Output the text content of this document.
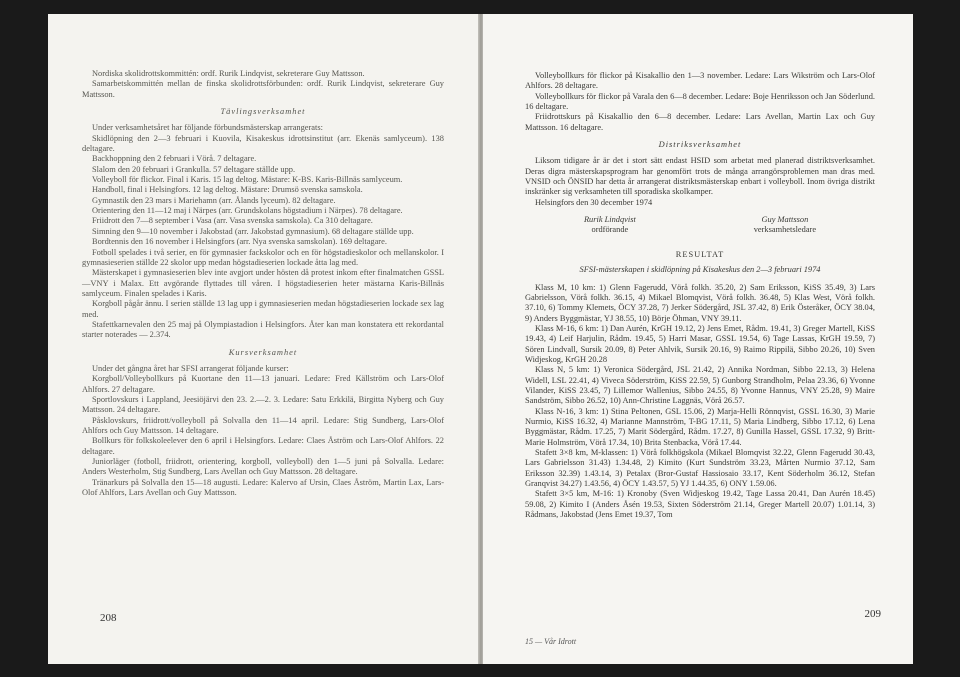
Nordiska skolidrottskommittén: ordf. Rurik Lindqvist, sekreterare Guy Mattsson.

Samarbetskommittén mellan de finska skolidrottsförbunden: ordf. Rurik Lindqvist, sekreterare Guy Mattsson.

Tävlingsverksamhet

Under verksamhetsåret har följande förbundsmästerskap arrangerats:

Skidlöpning den 2—3 februari i Kuovila, Kisakeskus idrottsinstitut (arr. Ekenäs samlyceum). 138 deltagare.

Backhoppning den 2 februari i Vörå. 7 deltagare.

Slalom den 20 februari i Grankulla. 57 deltagare ställde upp.

Volleyboll för flickor. Final i Karis. 15 lag deltog. Mästare: K-BS. Karis-Billnäs samlyceum.

Handboll, final i Helsingfors. 12 lag deltog. Mästare: Drumsö svenska samskola.

Gymnastik den 23 mars i Mariehamn (arr. Ålands lyceum). 82 deltagare.

Orientering den 11—12 maj i Närpes (arr. Grundskolans högstadium i Närpes). 78 deltagare.

Friidrott den 7—8 september i Vasa (arr. Vasa svenska samskola). Ca 310 deltagare.

Simning den 9—10 november i Jakobstad (arr. Jakobstad gymnasium). 68 deltagare ställde upp.

Bordtennis den 16 november i Helsingfors (arr. Nya svenska samskolan). 169 deltagare.

Fotboll spelades i två serier, en för gymnasier fackskolor och en för högstadieskolor och mellanskolor. I gymnasieserien ställde 22 skolor upp medan högstadieserien lockade åtta lag med.

Mästerskapet i gymnasieserien blev inte avgjort under hösten då protest inkom efter finalmatchen GSSL—VNY i Malax. Ett avgörande flyttades till våren. I högstadieserien heter mästarna Karis-Billnäs samlyceum. Finalen spelades i Karis.

Korgboll pågår ännu. I serien ställde 13 lag upp i gymnasieserien medan högstadieserien lockade sex lag med.

Stafettkarnevalen den 25 maj på Olympiastadion i Helsingfors. Åter kan man konstatera ett rekordantal starter noterades — 2.374.

Kursverksamhet

Under det gångna året har SFSI arrangerat följande kurser:

Korgboll/Volleybollkurs på Kuortane den 11—13 januari. Ledare: Fred Källström och Lars-Olof Ahlfors. 27 deltagare.

Sportlovskurs i Lappland, Jeesiöjärvi den 23. 2.—2. 3. Ledare: Satu Erkkilä, Birgitta Nyberg och Guy Mattsson. 24 deltagare.

Påsklovskurs, friidrott/volleyboll på Solvalla den 11—14 april. Ledare: Stig Sundberg, Lars-Olof Ahlfors och Guy Mattsson. 14 deltagare.

Bollkurs för folkskoleelever den 6 april i Helsingfors. Ledare: Claes Åström och Lars-Olof Ahlfors. 22 deltagare.

Juniorläger (fotboll, friidrott, orientering, korgboll, volleyboll) den 1—5 juni på Solvalla. Ledare: Anders Westerholm, Stig Sundberg, Lars Avellan och Guy Mattsson. 28 deltagare.

Tränarkurs på Solvalla den 15—18 augusti. Ledare: Kalervo af Ursin, Claes Åström, Martin Lax, Lars-Olof Ahlfors, Lars Avellan och Guy Mattsson.

208

Volleybollkurs för flickor på Kisakallio den 1—3 november. Ledare: Lars Wikström och Lars-Olof Ahlfors. 28 deltagare.

Volleybollkurs för flickor på Varala den 6—8 december. Ledare: Boje Henriksson och Jan Söderlund. 16 deltagare.

Friidrottskurs på Kisakallio den 6—8 december. Ledare: Lars Avellan, Martin Lax och Guy Mattsson. 16 deltagare.

Distriksverksamhet

Liksom tidigare år är det i stort sätt endast HSID som arbetat med planerad distriktsverksamhet. Deras digra mästerskapsprogram har genomfört trots de många arrangörsproblemen man dras med. VNSID och ÖNSID har detta år arrangerat distriktsmästerskap enbart i volleyboll. Inom övriga distrikt inskränker sig verksamheten till sporadiska skolkamper.

Helsingfors den 30 december 1974

Rurik Lindqvist
ordförande
Guy Mattsson
verksamhetsledare
RESULTAT
SFSI-mästerskapen i skidlöpning på Kisakeskus den 2—3 februari 1974

Klass M, 10 km: 1) Glenn Fagerudd, Vörå folkh. 35.20, 2) Sam Eriksson, KiSS 35.49, 3) Lars Gabrielsson, Vörå folkh. 36.15, 4) Mikael Blomqvist, Vörå folkh. 36.48, 5) Klas West, Vörå folkh. 37.10, 6) Tommy Klemets, ÖCY 37.28, 7) Jerker Södergård, JSL 37.42, 8) Erik Österåker, ÖCY 38.04, 9) Anders Byggmästar, YJ 38.55, 10) Börje Öhman, VNY 39.11.

Klass M-16, 6 km: 1) Dan Aurén, KrGH 19.12, 2) Jens Emet, Rådm. 19.41, 3) Greger Martell, KiSS 19.43, 4) Leif Harjulin, Rådm. 19.45, 5) Harri Masar, GSSL 19.54, 6) Tage Lassas, KrGH 19.59, 7) Sören Lindvall, Sursik 20.09, 8) Peter Ahlvik, Sursik 20.16, 9) Raimo Rippilä, Sibbo 20.26, 10) Sven Widjeskog, KrGH 20.28

Klass N, 5 km: 1) Veronica Södergård, JSL 21.42, 2) Annika Nordman, Sibbo 22.13, 3) Helena Widell, LSL 22.41, 4) Viveca Söderström, KiSS 22.59, 5) Gunborg Strandholm, Pelaa 23.36, 6) Yvonne Vilander, KiSS 23.45, 7) Lillemor Wallenius, Sibbo 24.55, 8) Yvonne Hannus, VNY 25.28, 9) Maire Sandström, Sibbo 26.52, 10) Ann-Christine Laggnäs, Vörå 26.57.

Klass N-16, 3 km: 1) Stina Peltonen, GSL 15.06, 2) Marja-Helli Rönnqvist, GSSL 16.30, 3) Marie Nurmio, KiSS 16.32, 4) Marianne Mannström, T-BG 17.11, 5) Maria Lindberg, Sibbo 17.12, 6) Lena Byggmästar, Rådm. 17.25, 7) Marit Södergård, Rådm. 17.27, 8) Gunilla Hassel, GSSL 17.32, 9) Britt-Marie Holmström, Vörå 17.34, 10) Brita Stenbacka, Vörå 17.44.

Stafett 3×8 km, M-klassen: 1) Vörå folkhögskola (Mikael Blomqvist 32.22, Glenn Fagerudd 30.43, Lars Gabrielsson 31.43) 1.34.48, 2) Kimito (Kurt Sundström 33.23, Mårten Nurmio 37.12, Sam Eriksson 32.39) 1.43.14, 3) Petalax (Bror-Gustaf Hassiosaio 33.17, Kent Söderholm 36.12, Stefan Granqvist 34.27) 1.43.56, 4) ÖCY 1.43.57, 5) YJ 1.44.35, 6) ONY 1.59.06.

Stafett 3×5 km, M-16: 1) Kronoby (Sven Widjeskog 19.42, Tage Lassa 20.41, Dan Aurén 18.45) 59.08, 2) Kimito I (Anders Åsén 19.53, Sixten Söderström 21.14, Greger Martell 20.07) 1.01.14, 3) Rådmans, Jakobstad (Jens Emet 19.37, Tom

209
15 — Vår Idrott
